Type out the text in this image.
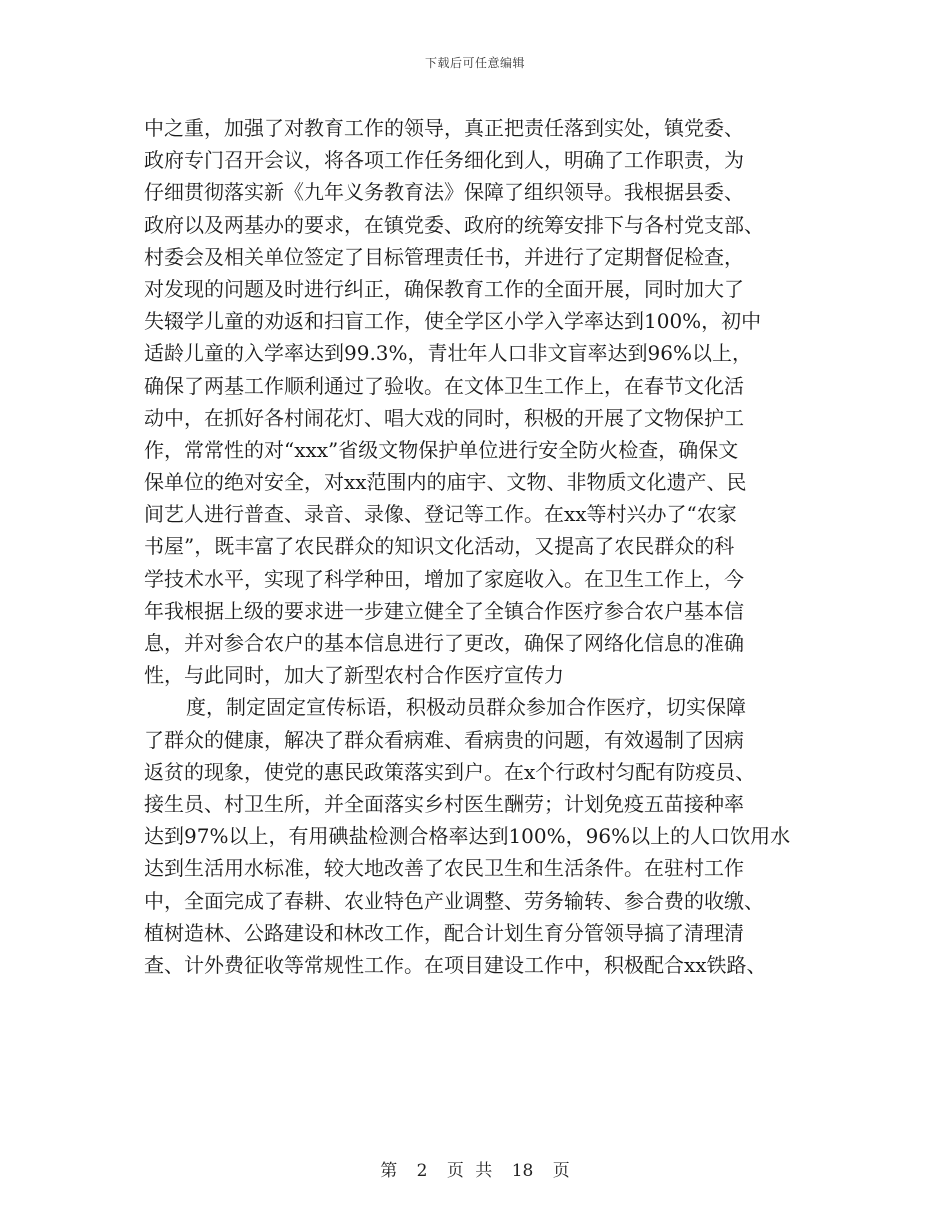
下载后可任意编辑
中之重，加强了对教育工作的领导，真正把责任落到实处，镇党委、
政府专门召开会议，将各项工作任务细化到人，明确了工作职责，为
仔细贯彻落实新《九年义务教育法》保障了组织领导。我根据县委、
政府以及两基办的要求，在镇党委、政府的统筹安排下与各村党支部、
村委会及相关单位签定了目标管理责任书，并进行了定期督促检查，
对发现的问题及时进行纠正，确保教育工作的全面开展，同时加大了
失辍学儿童的劝返和扫盲工作，使全学区小学入学率达到100%，初中
适龄儿童的入学率达到99.3%，青壮年人口非文盲率达到96%以上，
确保了两基工作顺利通过了验收。在文体卫生工作上，在春节文化活
动中，在抓好各村闹花灯、唱大戏的同时，积极的开展了文物保护工
作，常常性的对“xxx”省级文物保护单位进行安全防火检查，确保文
保单位的绝对安全，对xx范围内的庙宇、文物、非物质文化遗产、民
间艺人进行普查、录音、录像、登记等工作。在xx等村兴办了“农家
书屋”，既丰富了农民群众的知识文化活动，又提高了农民群众的科
学技术水平，实现了科学种田，增加了家庭收入。在卫生工作上，今
年我根据上级的要求进一步建立健全了全镇合作医疗参合农户基本信
息，并对参合农户的基本信息进行了更改，确保了网络化信息的准确
性，与此同时，加大了新型农村合作医疗宣传力
度，制定固定宣传标语，积极动员群众参加合作医疗，切实保障
了群众的健康，解决了群众看病难、看病贵的问题，有效遏制了因病
返贫的现象，使党的惠民政策落实到户。在x个行政村匀配有防疫员、
接生员、村卫生所，并全面落实乡村医生酬劳；计划免疫五苗接种率
达到97%以上，有用碘盐检测合格率达到100%，96%以上的人口饮用水
达到生活用水标准，较大地改善了农民卫生和生活条件。在驻村工作
中，全面完成了春耕、农业特色产业调整、劳务输转、参合费的收缴、
植树造林、公路建设和林改工作，配合计划生育分管领导搞了清理清
查、计外费征收等常规性工作。在项目建设工作中，积极配合xx铁路、
第 2 页 共 18 页
